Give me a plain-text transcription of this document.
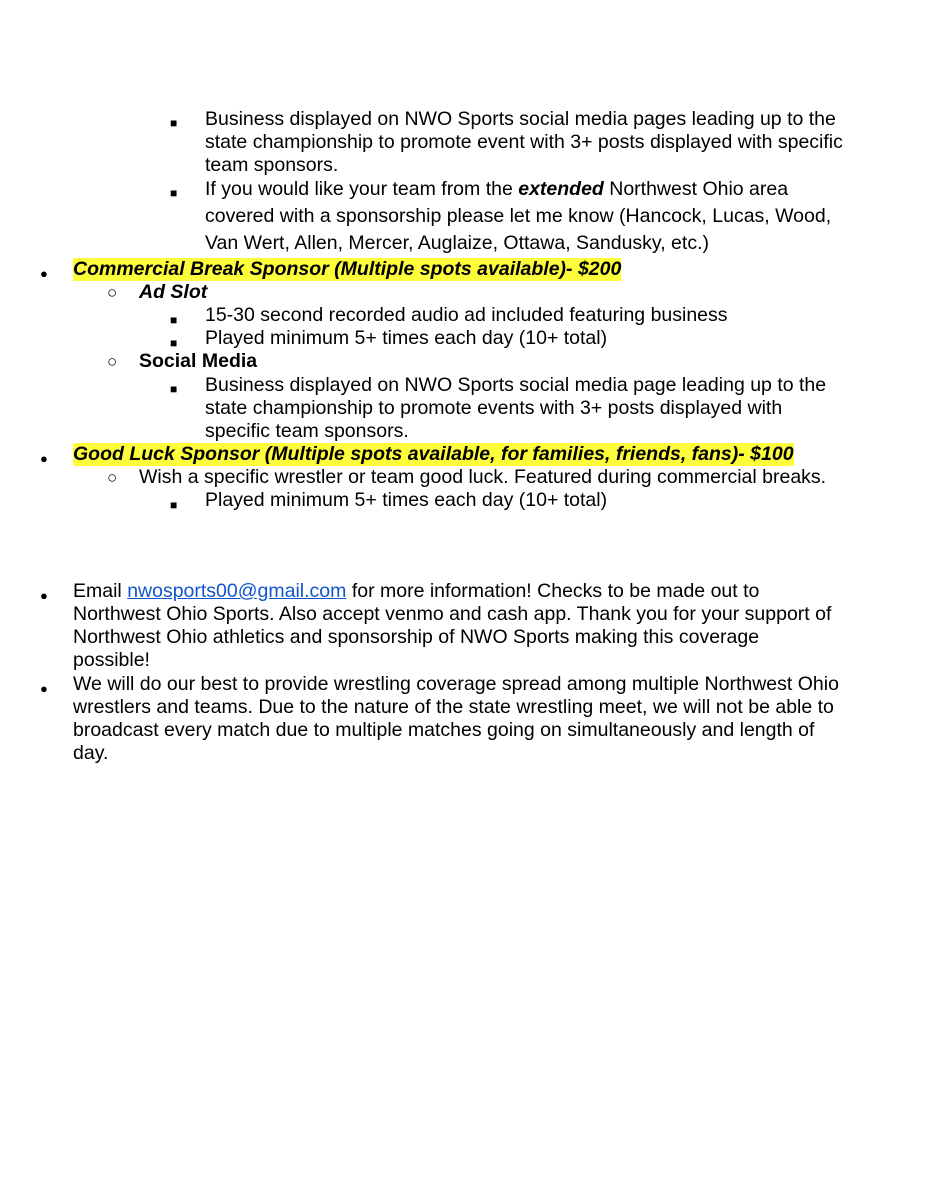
■ Business displayed on NWO Sports social media pages leading up to the
state championship to promote event with 3+ posts displayed with specific
team sponsors.
■ If you would like your team from the extended Northwest Ohio area
covered with a sponsorship please let me know (Hancock, Lucas, Wood,
Van Wert, Allen, Mercer, Auglaize, Ottawa, Sandusky, etc.)
● Commercial Break Sponsor (Multiple spots available)- $200
○ Ad Slot
■ 15-30 second recorded audio ad included featuring business
■ Played minimum 5+ times each day (10+ total)
○ Social Media
■ Business displayed on NWO Sports social media page leading up to the
state championship to promote events with 3+ posts displayed with
specific team sponsors.
● Good Luck Sponsor (Multiple spots available, for families, friends, fans)- $100
○ Wish a specific wrestler or team good luck. Featured during commercial breaks.
■ Played minimum 5+ times each day (10+ total)
● Email nwosports00@gmail.com for more information! Checks to be made out to
Northwest Ohio Sports. Also accept venmo and cash app. Thank you for your support of
Northwest Ohio athletics and sponsorship of NWO Sports making this coverage
possible!
● We will do our best to provide wrestling coverage spread among multiple Northwest Ohio
wrestlers and teams. Due to the nature of the state wrestling meet, we will not be able to
broadcast every match due to multiple matches going on simultaneously and length of
day.
